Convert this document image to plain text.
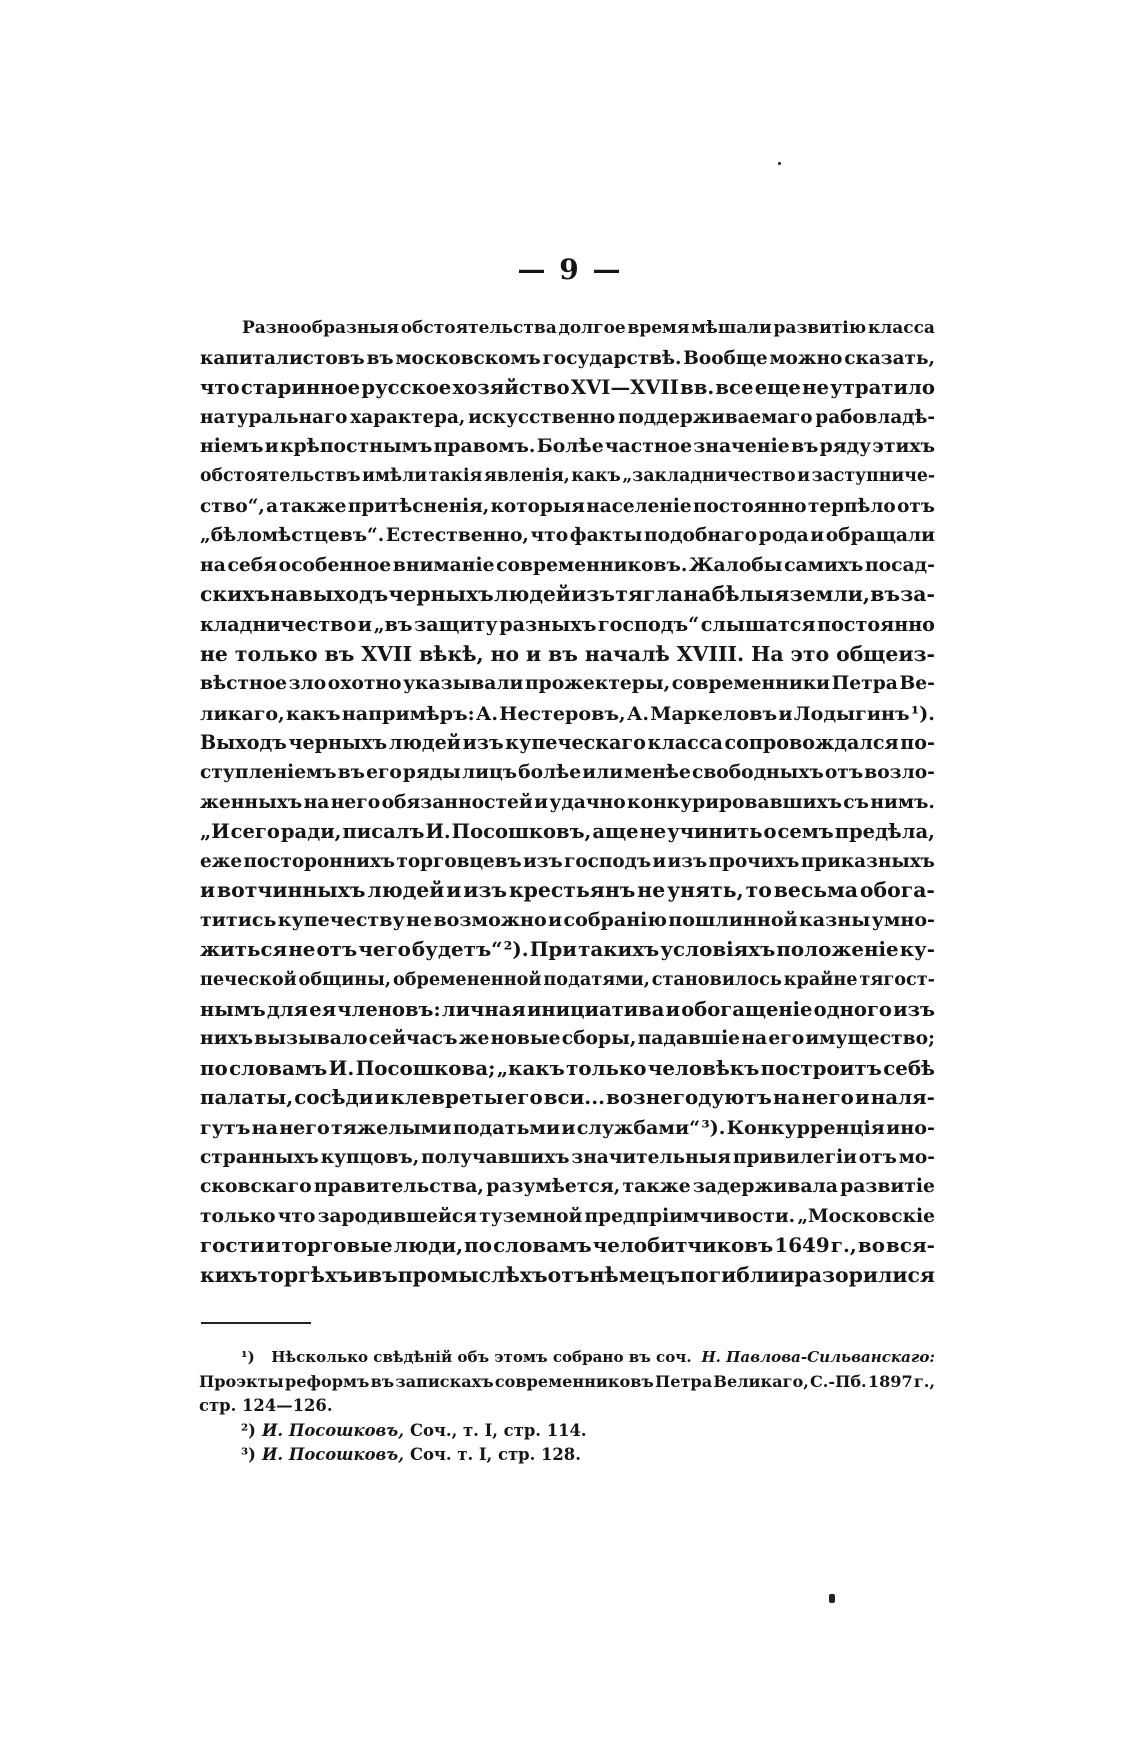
— 9 —
Разнообразныя обстоятельства долгое время мѣшали развитію класса
капиталистовъ въ московскомъ государствѣ. Вообще можно сказать,
что старинное русское хозяйство XVI—XVII вв. все еще не утратило
натуральнаго характера, искусственно поддерживаемаго рабовладѣ-
ніемъ и крѣпостнымъ правомъ. Болѣе частное значеніе въ ряду этихъ
обстоятельствъ имѣли такія явленія, какъ „закладничество и заступниче-
ство“, а также притѣсненія, которыя населеніе постоянно терпѣло отъ
„бѣломѣстцевъ“. Естественно, что факты подобнаго рода и обращали
на себя особенное вниманіе современниковъ. Жалобы самихъ посад-
скихъ на выходъ черныхъ людей изъ тягла на бѣлыя земли, въ за-
кладничество и „въ защиту разныхъ господъ“ слышатся постоянно
не только въ XVII вѣкѣ, но и въ началѣ XVIII. На это общеиз-
вѣстное зло охотно указывали прожектеры, современники Петра Ве-
ликаго, какъ напримѣръ: А. Нестеровъ, А. Маркеловъ и Лодыгинъ ¹).
Выходъ черныхъ людей изъ купеческаго класса сопровождался по-
ступленіемъ въ его ряды лицъ болѣе или менѣе свободныхъ отъ возло-
женныхъ на него обязанностей и удачно конкурировавшихъ съ нимъ.
„И сего ради, писалъ И. Посошковъ, аще не учинить о семъ предѣла,
еже посторонниxъ торговцевъ изъ господъ и изъ прочихъ приказныхъ
и вотчинныхъ людей и изъ крестьянъ не унять, то весьма обога-
титись купечеству не возможно и собранію пошлинной казны умно-
житься не отъ чего будетъ“ ²). При такихъ условіяхъ положеніе ку-
печеской общины, обремененной податями, становилось крайне тягост-
нымъ для ея членовъ: личная инициатива и обогащеніе одного изъ
нихъ вызывало сейчасъ же новые сборы, падавшіе на его имущество;
по словамъ И. Посошкова; „какъ только человѣкъ построитъ себѣ
палаты, сосѣди и клевреты его вси... вознегодуютъ на него и наля-
гутъ на него тяжелыми податьми и службами“ ³). Конкурренція ино-
странныхъ купцовъ, получавшихъ значительныя привилегіи отъ мо-
сковскаго правительства, разумѣется, также задерживала развитіе
только что зародившейся туземной предпріимчивости. „Московскіе
гости и торговые люди, по словамъ челобитчиковъ 1649 г., во вся-
кихъ торгѣхъ и въ промыслѣхъ отъ нѣмецъ погибли и разорилися
¹) Нѣсколько свѣдѣній объ этомъ собрано въ соч. Н. Павлова-Сильванскаго:
Проэкты реформъ въ запискахъ современниковъ Петра Великаго, С.-Пб. 1897 г.,
стр. 124—126.
²) И. Посошковъ, Соч., т. I, стр. 114.
³) И. Посошковъ, Соч. т. I, стр. 128.
